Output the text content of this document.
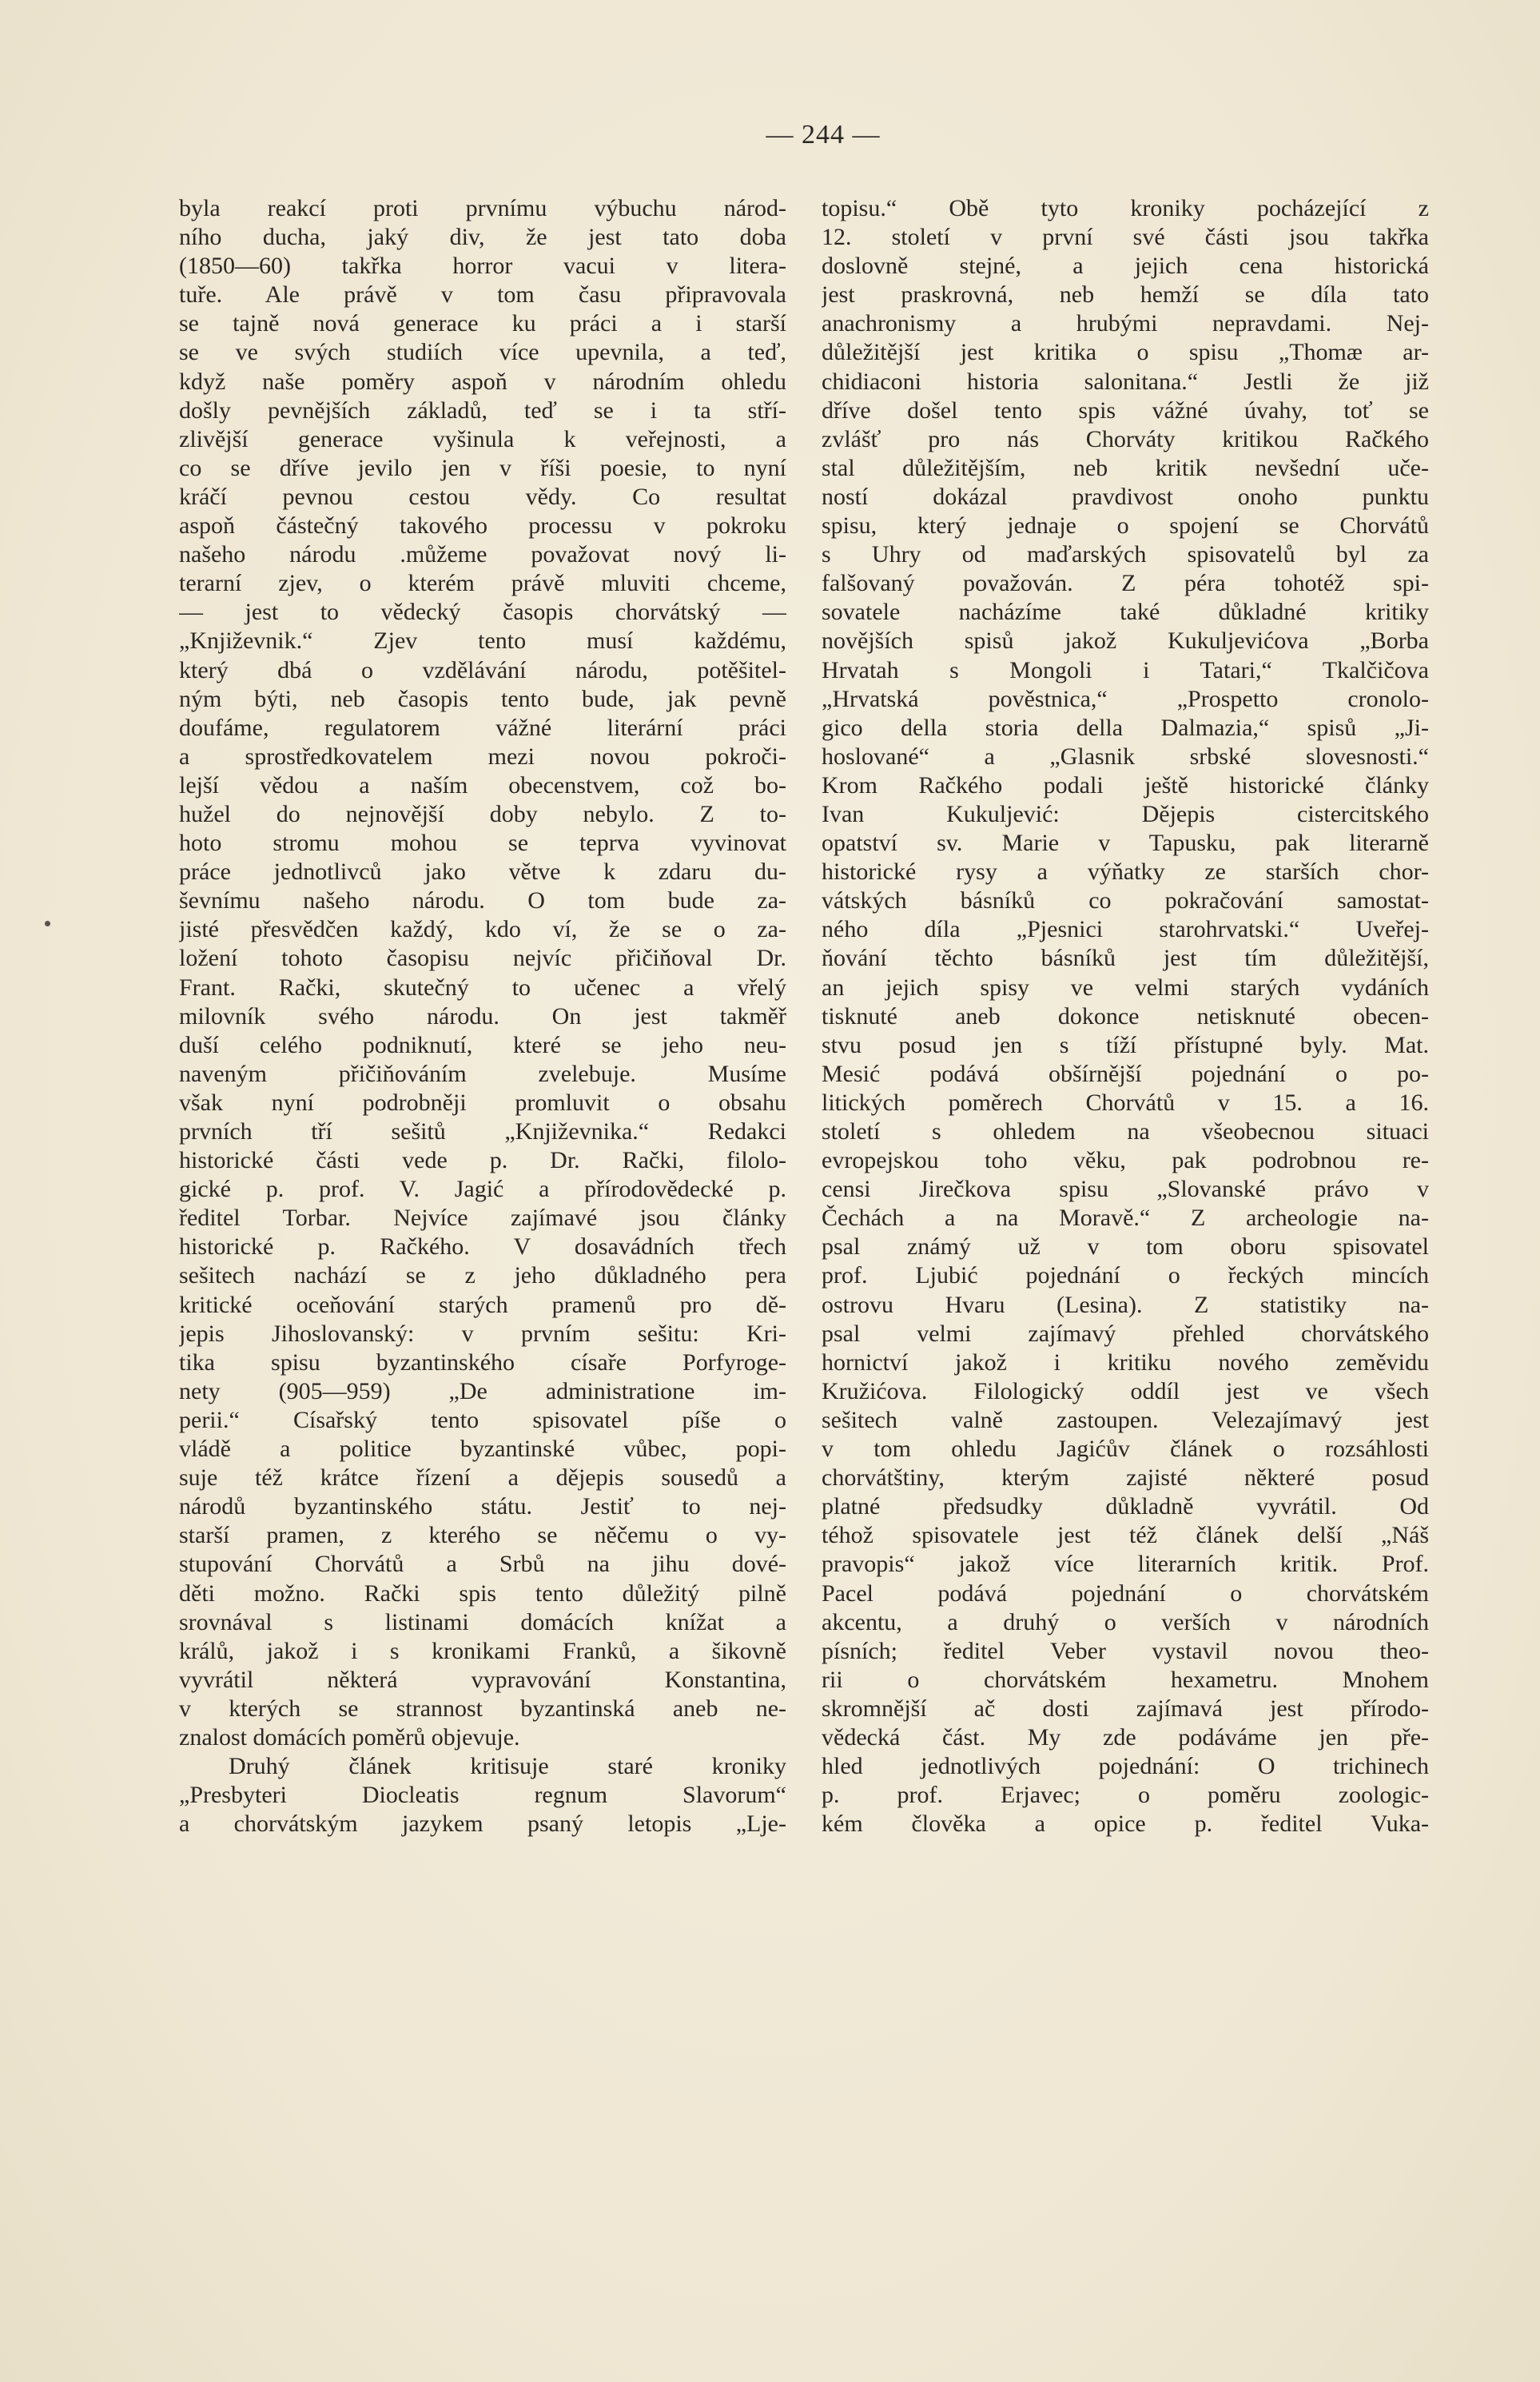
— 244 —
byla reakcí proti prvnímu výbuchu národ-
ního ducha, jaký div, že jest tato doba
(1850—60) takřka horror vacui v litera-
tuře. Ale právě v tom času připravovala
se tajně nová generace ku práci a i starší
se ve svých studiích více upevnila, a teď,
když naše poměry aspoň v národním ohledu
došly pevnějších základů, teď se i ta stří-
zlivější generace vyšinula k veřejnosti, a
co se dříve jevilo jen v říši poesie, to nyní
kráčí pevnou cestou vědy. Co resultat
aspoň částečný takového processu v pokroku
našeho národu .můžeme považovat nový li-
terarní zjev, o kterém právě mluviti chceme,
— jest to vědecký časopis chorvátský —
„Književnik.“ Zjev tento musí každému,
který dbá o vzdělávání národu, potěšitel-
ným býti, neb časopis tento bude, jak pevně
doufáme, regulatorem vážné literární práci
a sprostředkovatelem mezi novou pokroči-
lejší vědou a naším obecenstvem, což bo-
hužel do nejnovější doby nebylo. Z to-
hoto stromu mohou se teprva vyvinovat
práce jednotlivců jako větve k zdaru du-
ševnímu našeho národu. O tom bude za-
jisté přesvědčen každý, kdo ví, že se o za-
ložení tohoto časopisu nejvíc přičiňoval Dr.
Frant. Rački, skutečný to učenec a vřelý
milovník svého národu. On jest takměř
duší celého podniknutí, které se jeho neu-
naveným přičiňováním zvelebuje. Musíme
však nyní podrobněji promluvit o obsahu
prvních tří sešitů „Književnika.“ Redakci
historické části vede p. Dr. Rački, filolo-
gické p. prof. V. Jagić a přírodovědecké p.
ředitel Torbar. Nejvíce zajímavé jsou články
historické p. Račkého. V dosavádních třech
sešitech nachází se z jeho důkladného pera
kritické oceňování starých pramenů pro dě-
jepis Jihoslovanský: v prvním sešitu: Kri-
tika spisu byzantinského císaře Porfyroge-
nety (905—959) „De administratione im-
perii.“ Císařský tento spisovatel píše o
vládě a politice byzantinské vůbec, popi-
suje též krátce řízení a dějepis sousedů a
národů byzantinského státu. Jestiť to nej-
starší pramen, z kterého se něčemu o vy-
stupování Chorvátů a Srbů na jihu dové-
děti možno. Rački spis tento důležitý pilně
srovnával s listinami domácích knížat a
králů, jakož i s kronikami Franků, a šikovně
vyvrátil některá vypravování Konstantina,
v kterých se strannost byzantinská aneb ne-
znalost domácích poměrů objevuje.
Druhý článek kritisuje staré kroniky
„Presbyteri Diocleatis regnum Slavorum“
a chorvátským jazykem psaný letopis „Lje-
topisu.“ Obě tyto kroniky pocházející z
12. století v první své části jsou takřka
doslovně stejné, a jejich cena historická
jest praskrovná, neb hemží se díla tato
anachronismy a hrubými nepravdami. Nej-
důležitější jest kritika o spisu „Thomæ ar-
chidiaconi historia salonitana.“ Jestli že již
dříve došel tento spis vážné úvahy, toť se
zvlášť pro nás Chorváty kritikou Račkého
stal důležitějším, neb kritik nevšední uče-
ností dokázal pravdivost onoho punktu
spisu, který jednaje o spojení se Chorvátů
s Uhry od maďarských spisovatelů byl za
falšovaný považován. Z péra tohotéž spi-
sovatele nacházíme také důkladné kritiky
novějších spisů jakož Kukuljevićova „Borba
Hrvatah s Mongoli i Tatari,“ Tkalčičova
„Hrvatská pověstnica,“ „Prospetto cronolo-
gico della storia della Dalmazia,“ spisů „Ji-
hoslované“ a „Glasnik srbské slovesnosti.“
Krom Račkého podali ještě historické články
Ivan Kukuljević: Dějepis cistercitského
opatství sv. Marie v Tapusku, pak literarně
historické rysy a výňatky ze starších chor-
vátských básníků co pokračování samostat-
ného díla „Pjesnici starohrvatski.“ Uveřej-
ňování těchto básníků jest tím důležitější,
an jejich spisy ve velmi starých vydáních
tisknuté aneb dokonce netisknuté obecen-
stvu posud jen s tíží přístupné byly. Mat.
Mesić podává obšírnější pojednání o po-
litických poměrech Chorvátů v 15. a 16.
století s ohledem na všeobecnou situaci
evropejskou toho věku, pak podrobnou re-
censi Jirečkova spisu „Slovanské právo v
Čechách a na Moravě.“ Z archeologie na-
psal známý už v tom oboru spisovatel
prof. Ljubić pojednání o řeckých mincích
ostrovu Hvaru (Lesina). Z statistiky na-
psal velmi zajímavý přehled chorvátského
hornictví jakož i kritiku nového zeměvidu
Kružićova. Filologický oddíl jest ve všech
sešitech valně zastoupen. Velezajímavý jest
v tom ohledu Jagićův článek o rozsáhlosti
chorvátštiny, kterým zajisté některé posud
platné předsudky důkladně vyvrátil. Od
téhož spisovatele jest též článek delší „Náš
pravopis“ jakož více literarních kritik. Prof.
Pacel podává pojednání o chorvátském
akcentu, a druhý o verších v národních
písních; ředitel Veber vystavil novou theo-
rii o chorvátském hexametru. Mnohem
skromnější ač dosti zajímavá jest přírodo-
vědecká část. My zde podáváme jen pře-
hled jednotlivých pojednání: O trichinech
p. prof. Erjavec; o poměru zoologic-
kém člověka a opice p. ředitel Vuka-
